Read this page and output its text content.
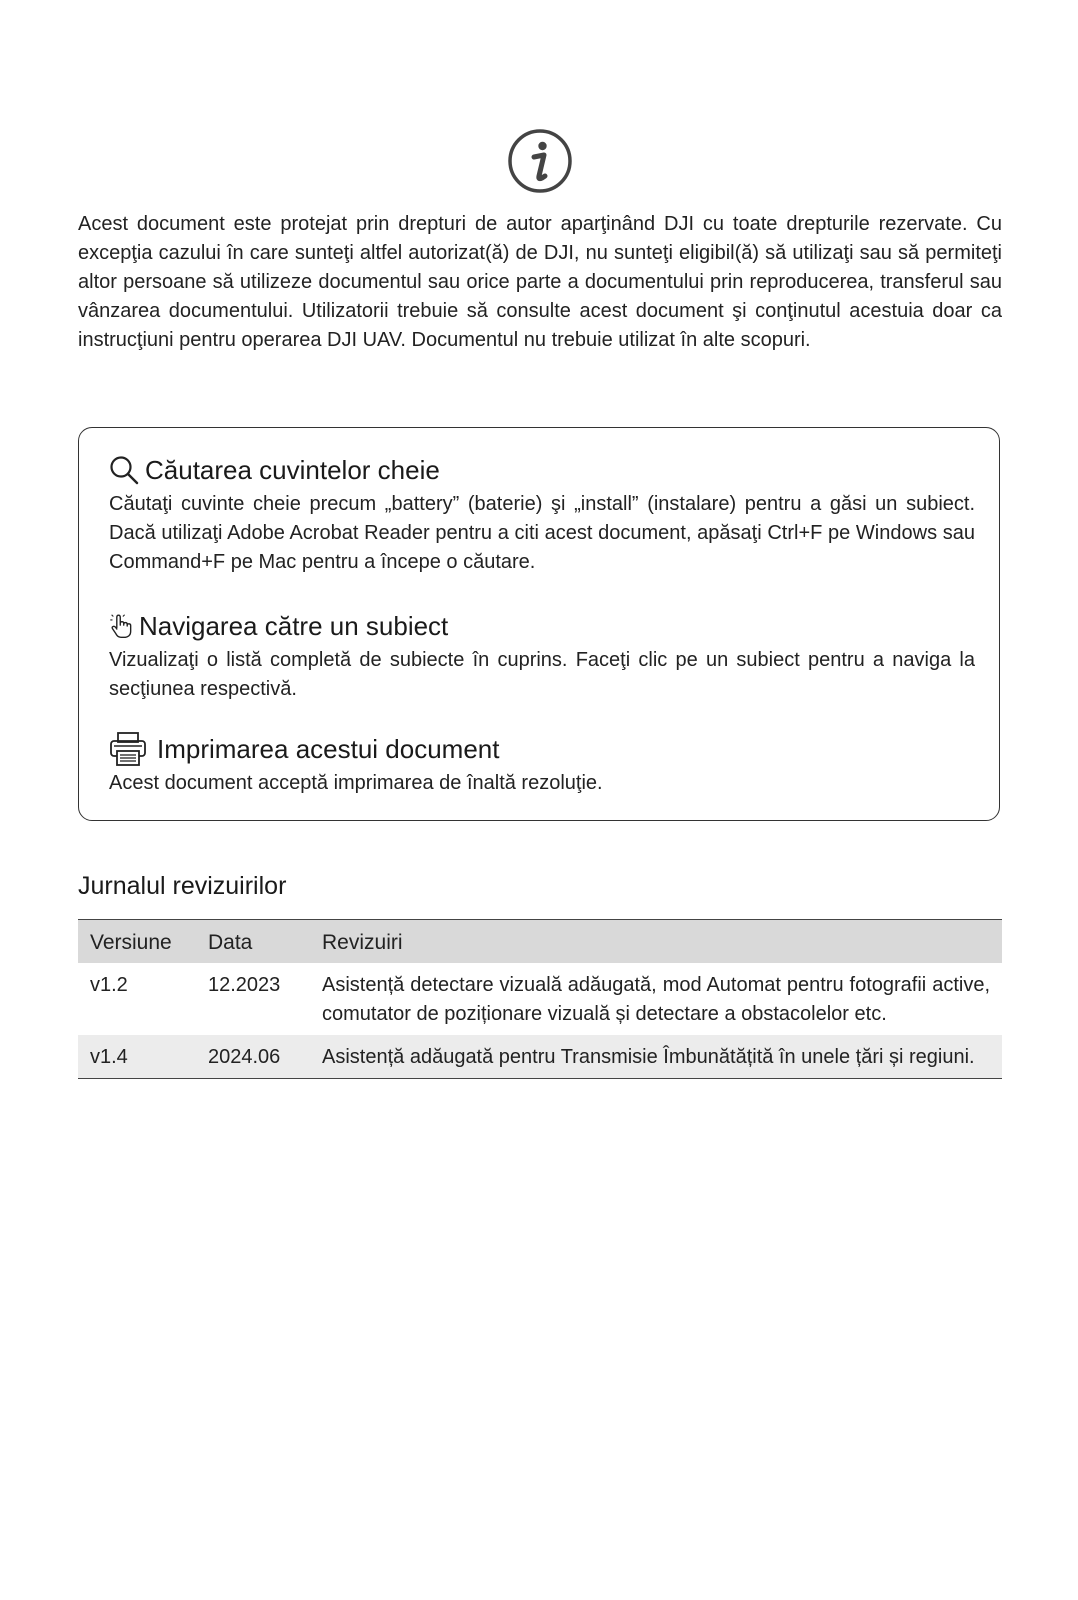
Acest document este protejat prin drepturi de autor aparţinând DJI cu toate drepturile rezervate. Cu excepţia cazului în care sunteţi altfel autorizat(ă) de DJI, nu sunteţi eligibil(ă) să utilizaţi sau să permiteţi altor persoane să utilizeze documentul sau orice parte a documentului prin reproducerea, transferul sau vânzarea documentului. Utilizatorii trebuie să consulte acest document şi conţinutul acestuia doar ca instrucţiuni pentru operarea DJI UAV. Documentul nu trebuie utilizat în alte scopuri.

Căutarea cuvintelor cheie

Căutaţi cuvinte cheie precum „battery” (baterie) şi „install” (instalare) pentru a găsi un subiect. Dacă utilizaţi Adobe Acrobat Reader pentru a citi acest document, apăsaţi Ctrl+F pe Windows sau Command+F pe Mac pentru a începe o căutare.

Navigarea către un subiect

Vizualizaţi o listă completă de subiecte în cuprins. Faceţi clic pe un subiect pentru a naviga la secţiunea respectivă.

Imprimarea acestui document

Acest document acceptă imprimarea de înaltă rezoluţie.

Jurnalul revizuirilor
Versiune	Data	Revizuiri
v1.2	12.2023	Asistență detectare vizuală adăugată, mod Automat pentru fotografii active, comutator de poziționare vizuală și detectare a obstacolelor etc.
v1.4	2024.06	Asistență adăugată pentru Transmisie Îmbunătățită în unele țări și regiuni.
